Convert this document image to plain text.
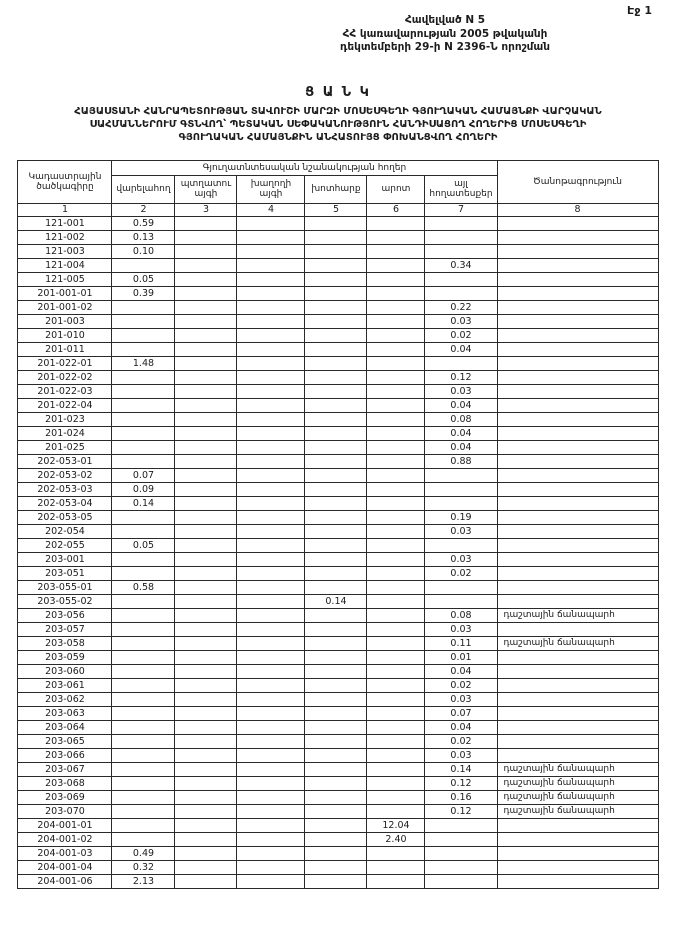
Էջ 1
Հավելված N 5
ՀՀ կառավարության 2005 թվականի
դեկտեմբերի 29-ի N 2396-Ն որոշման
Ց Ա Ն Կ
ՀԱՅԱՍՏԱՆԻ ՀԱՆՐԱՊԵՏՈՒԹՅԱՆ ՏԱՎՈՒՇԻ ՄԱՐԶԻ ՄՈՍԵՍԳԵՂԻ ԳՅՈՒՂԱԿԱՆ ՀԱՄԱՅՆՔԻ ՎԱՐՉԱԿԱՆ
ՍԱՀՄԱՆՆԵՐՈՒՄ ԳՏՆՎՈՂ՝ ՊԵՏԱԿԱՆ ՍԵՓԱԿԱՆՈՒԹՅՈՒՆ ՀԱՆԴԻՍԱՑՈՂ ՀՈՂԵՐԻՑ ՄՈՍԵՍԳԵՂԻ
ԳՅՈՒՂԱԿԱՆ ՀԱՄԱՅՆՔԻՆ ԱՆՀԱՏՈՒՅՑ ՓՈԽԱՆՑՎՈՂ ՀՈՂԵՐԻ
Կադաստրային ծածկագիրը	Գյուղատնտեսական նշանակության հողեր						Ծանոթագրություն
	վարելահող	պտղատու այգի	խաղողի այգի	խոտհարք	արոտ	այլ հողատեսքեր	
1	2	3	4	5	6	7	8
121-001	0.59						
121-002	0.13						
121-003	0.10						
121-004						0.34	
121-005	0.05						
201-001-01	0.39						
201-001-02						0.22	
201-003						0.03	
201-010						0.02	
201-011						0.04	
201-022-01	1.48						
201-022-02						0.12	
201-022-03						0.03	
201-022-04						0.04	
201-023						0.08	
201-024						0.04	
201-025						0.04	
202-053-01						0.88	
202-053-02	0.07						
202-053-03	0.09						
202-053-04	0.14						
202-053-05						0.19	
202-054						0.03	
202-055	0.05						
203-001						0.03	
203-051						0.02	
203-055-01	0.58						
203-055-02				0.14			
203-056						0.08	դաշտային ճանապարհ
203-057						0.03	
203-058						0.11	դաշտային ճանապարհ
203-059						0.01	
203-060						0.04	
203-061						0.02	
203-062						0.03	
203-063						0.07	
203-064						0.04	
203-065						0.02	
203-066						0.03	
203-067						0.14	դաշտային ճանապարհ
203-068						0.12	դաշտային ճանապարհ
203-069						0.16	դաշտային ճանապարհ
203-070						0.12	դաշտային ճանապարհ
204-001-01					12.04		
204-001-02					2.40		
204-001-03	0.49						
204-001-04	0.32						
204-001-06	2.13						
